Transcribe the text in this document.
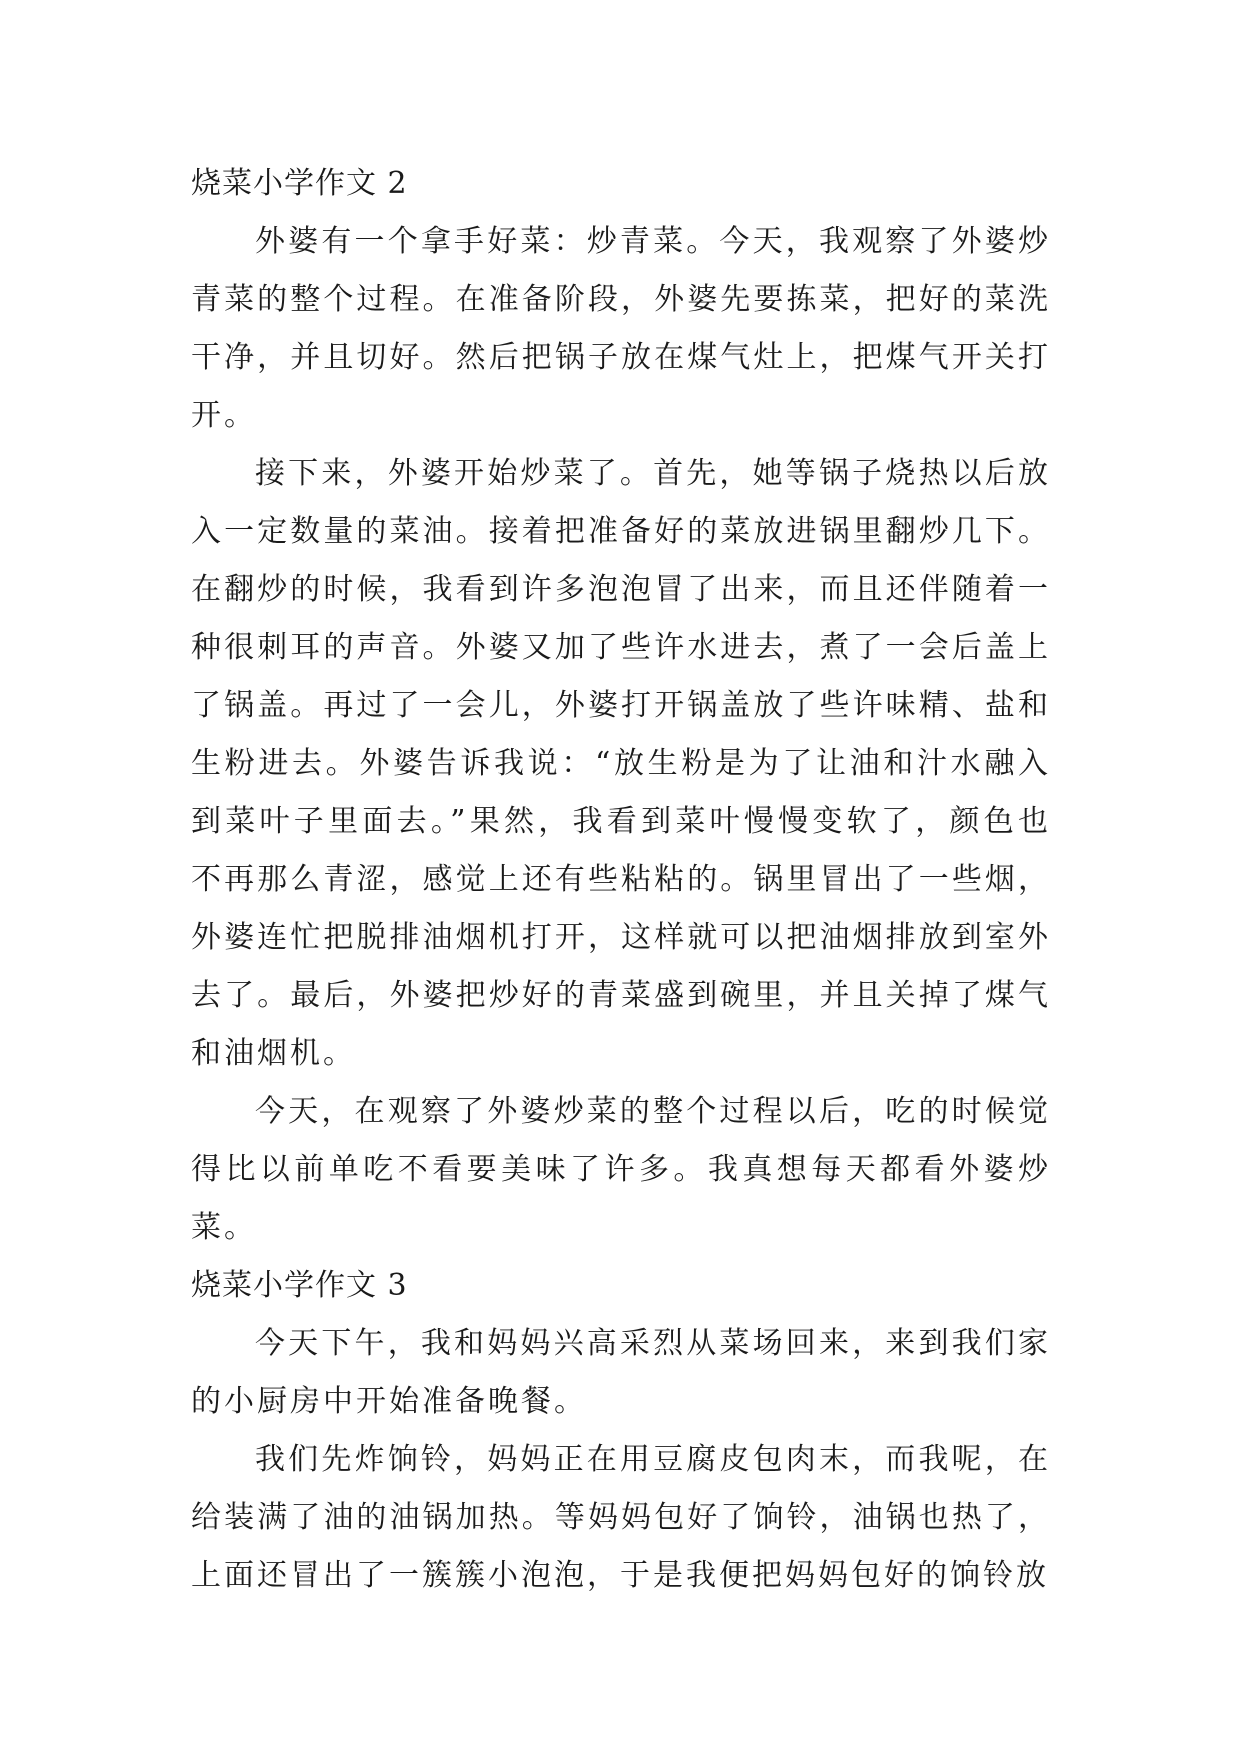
烧菜小学作文 2

外婆有一个拿手好菜：炒青菜。今天，我观察了外婆炒青菜的整个过程。在准备阶段，外婆先要拣菜，把好的菜洗干净，并且切好。然后把锅子放在煤气灶上，把煤气开关打开。

接下来，外婆开始炒菜了。首先，她等锅子烧热以后放入一定数量的菜油。接着把准备好的菜放进锅里翻炒几下。在翻炒的时候，我看到许多泡泡冒了出来，而且还伴随着一种很刺耳的声音。外婆又加了些许水进去，煮了一会后盖上了锅盖。再过了一会儿，外婆打开锅盖放了些许味精、盐和生粉进去。外婆告诉我说：“放生粉是为了让油和汁水融入到菜叶子里面去。”果然，我看到菜叶慢慢变软了，颜色也不再那么青涩，感觉上还有些粘粘的。锅里冒出了一些烟，外婆连忙把脱排油烟机打开，这样就可以把油烟排放到室外去了。最后，外婆把炒好的青菜盛到碗里，并且关掉了煤气和油烟机。

今天，在观察了外婆炒菜的整个过程以后，吃的时候觉得比以前单吃不看要美味了许多。我真想每天都看外婆炒菜。

烧菜小学作文 3

今天下午，我和妈妈兴高采烈从菜场回来，来到我们家的小厨房中开始准备晚餐。

我们先炸饷铃，妈妈正在用豆腐皮包肉末，而我呢，在给装满了油的油锅加热。等妈妈包好了饷铃，油锅也热了，上面还冒出了一簇簇小泡泡，于是我便把妈妈包好的饷铃放
